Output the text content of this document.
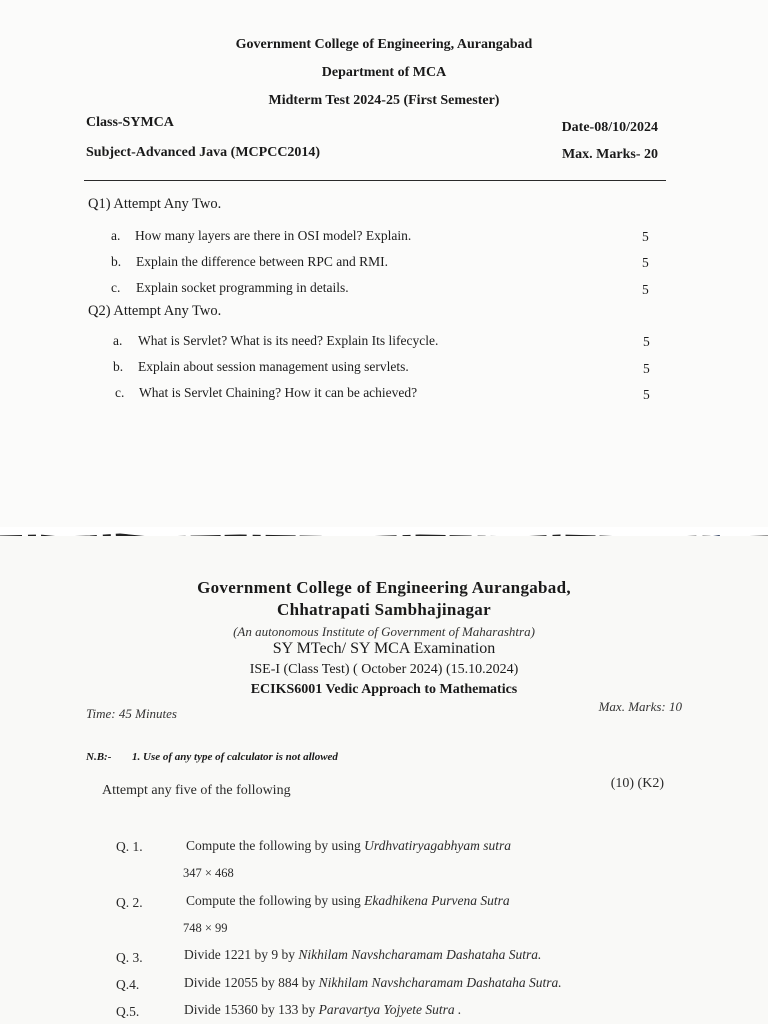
Government College of Engineering, Aurangabad
Department of MCA
Midterm Test 2024-25 (First Semester)
Class-SYMCA	Date-08/10/2024
Subject-Advanced Java (MCPCC2014)	Max. Marks- 20
Q1) Attempt Any Two.
a. How many layers are there in OSI model? Explain.	5
b. Explain the difference between RPC and RMI.	5
c. Explain socket programming in details.	5
Q2) Attempt Any Two.
a. What is Servlet? What is its need? Explain Its lifecycle.	5
b. Explain about session management using servlets.	5
c. What is Servlet Chaining? How it can be achieved?	5
Government College of Engineering Aurangabad,
Chhatrapati Sambhajinagar
(An autonomous Institute of Government of Maharashtra)
SY MTech/ SY MCA Examination
ISE-I (Class Test) ( October 2024) (15.10.2024)
ECIKS6001 Vedic Approach to Mathematics
Time: 45 Minutes	Max. Marks: 10
N.B:- 1. Use of any type of calculator is not allowed
Attempt any five of the following	(10) (K2)
Q. 1.	Compute the following by using Urdhvatiryagabhyam sutra
347 × 468
Q. 2.	Compute the following by using Ekadhikena Purvena Sutra
748 × 99
Q. 3.	Divide 1221 by 9 by Nikhilam Navshcharamam Dashataha Sutra.
Q.4.	Divide 12055 by 884 by Nikhilam Navshcharamam Dashataha Sutra.
Q.5.	Divide 15360 by 133 by Paravartya Yojyete Sutra .
